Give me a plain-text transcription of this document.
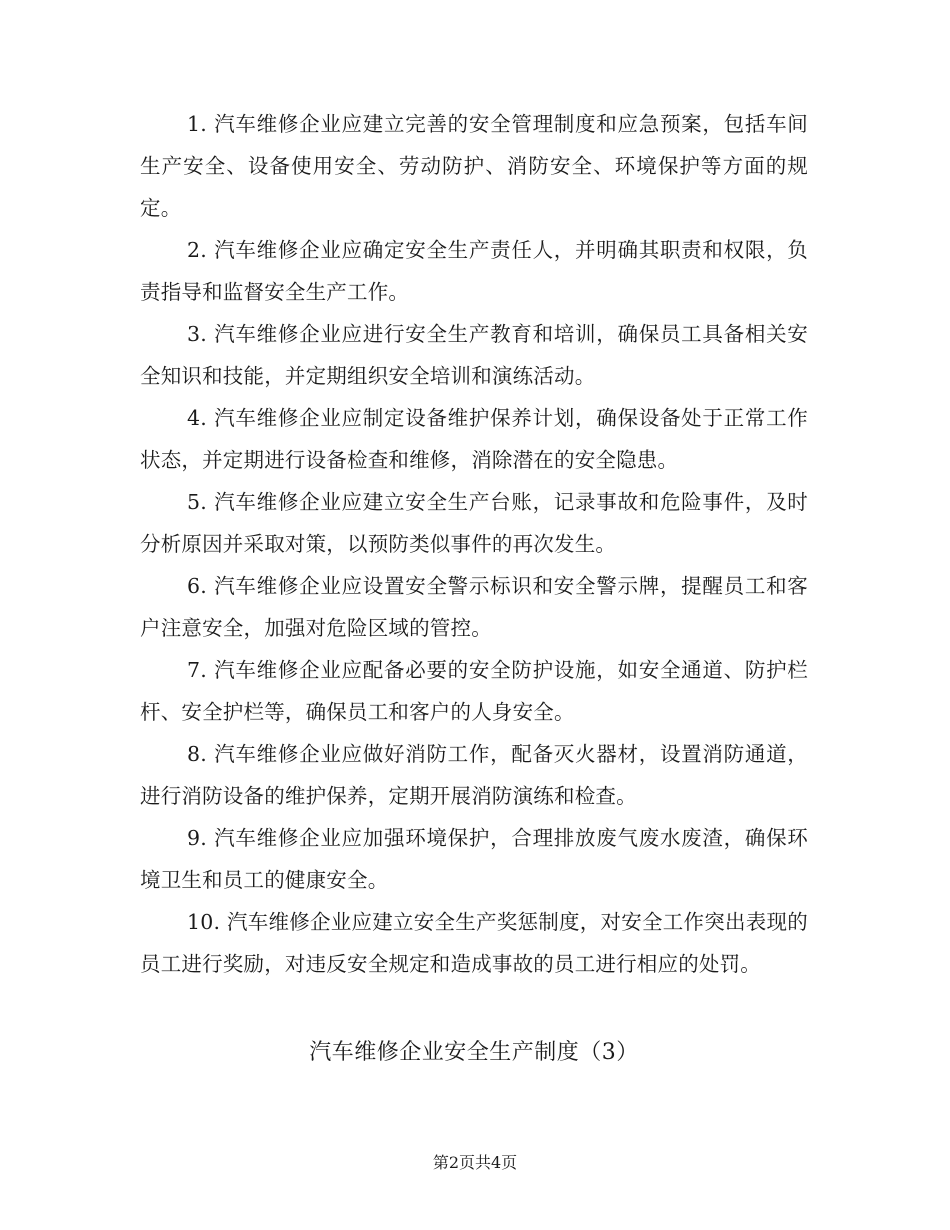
1. 汽车维修企业应建立完善的安全管理制度和应急预案，包括车间生产安全、设备使用安全、劳动防护、消防安全、环境保护等方面的规定。

2. 汽车维修企业应确定安全生产责任人，并明确其职责和权限，负责指导和监督安全生产工作。

3. 汽车维修企业应进行安全生产教育和培训，确保员工具备相关安全知识和技能，并定期组织安全培训和演练活动。

4. 汽车维修企业应制定设备维护保养计划，确保设备处于正常工作状态，并定期进行设备检查和维修，消除潜在的安全隐患。

5. 汽车维修企业应建立安全生产台账，记录事故和危险事件，及时分析原因并采取对策，以预防类似事件的再次发生。

6. 汽车维修企业应设置安全警示标识和安全警示牌，提醒员工和客户注意安全，加强对危险区域的管控。

7. 汽车维修企业应配备必要的安全防护设施，如安全通道、防护栏杆、安全护栏等，确保员工和客户的人身安全。

8. 汽车维修企业应做好消防工作，配备灭火器材，设置消防通道，进行消防设备的维护保养，定期开展消防演练和检查。

9. 汽车维修企业应加强环境保护，合理排放废气废水废渣，确保环境卫生和员工的健康安全。

10. 汽车维修企业应建立安全生产奖惩制度，对安全工作突出表现的员工进行奖励，对违反安全规定和造成事故的员工进行相应的处罚。

汽车维修企业安全生产制度（3）
第2页共4页
